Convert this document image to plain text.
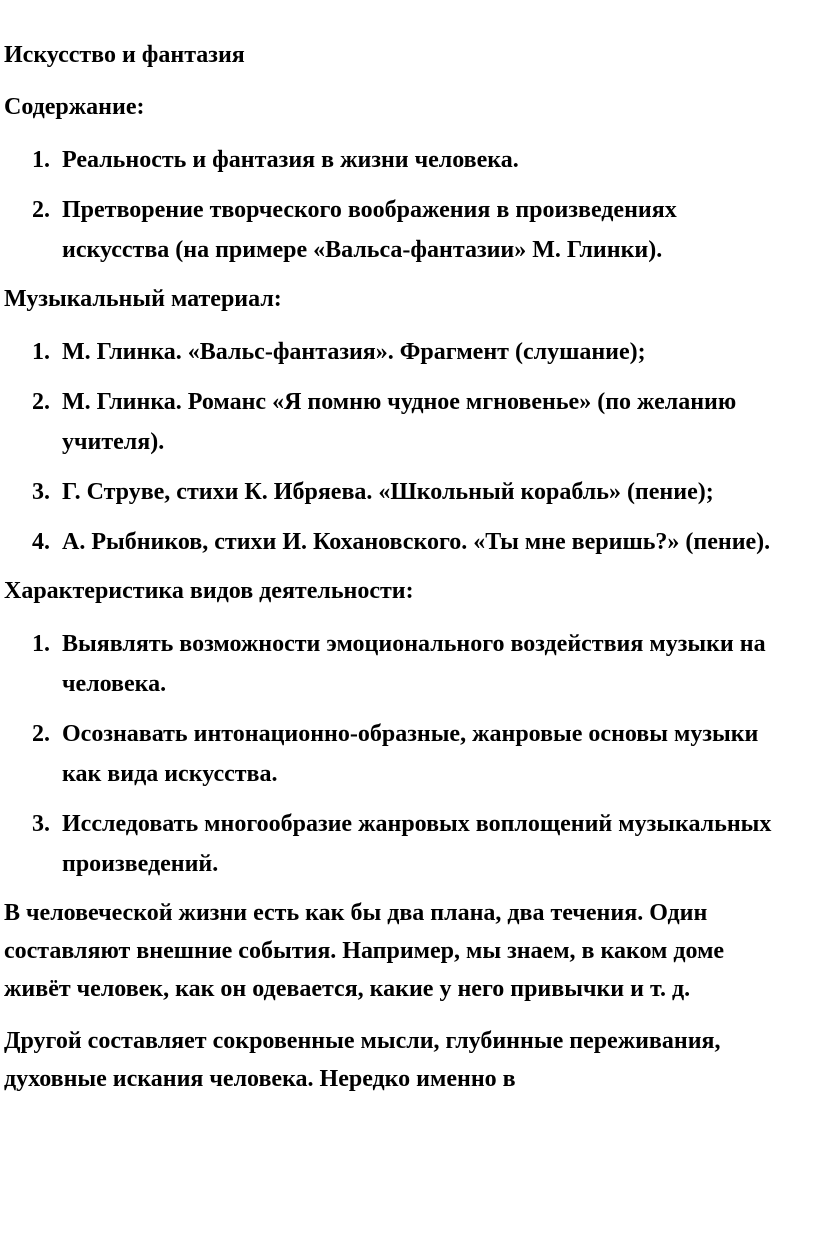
Искусство и фантазия

Содержание:

1. Реальность и фантазия в жизни человека.
2. Претворение творческого воображения в произведениях искусства (на примере «Вальса-фантазии» М. Глинки).

Музыкальный материал:

1. М. Глинка. «Вальс-фантазия». Фрагмент (слушание);
2. М. Глинка. Романс «Я помню чудное мгновенье» (по желанию учителя).
3. Г. Струве, стихи К. Ибряева. «Школьный корабль» (пение);
4. А. Рыбников, стихи И. Кохановского. «Ты мне веришь?» (пение).

Характеристика видов деятельности:

1. Выявлять возможности эмоционального воздействия музыки на человека.
2. Осознавать интонационно-образные, жанровые основы музыки как вида искусства.
3. Исследовать многообразие жанровых воплощений музыкальных произведений.

В человеческой жизни есть как бы два плана, два течения. Один составляют внешние события. Например, мы знаем, в каком доме живёт человек, как он одевается, какие у него привычки и т. д.

Другой составляет сокровенные мысли, глубинные переживания, духовные искания человека. Нередко именно в
